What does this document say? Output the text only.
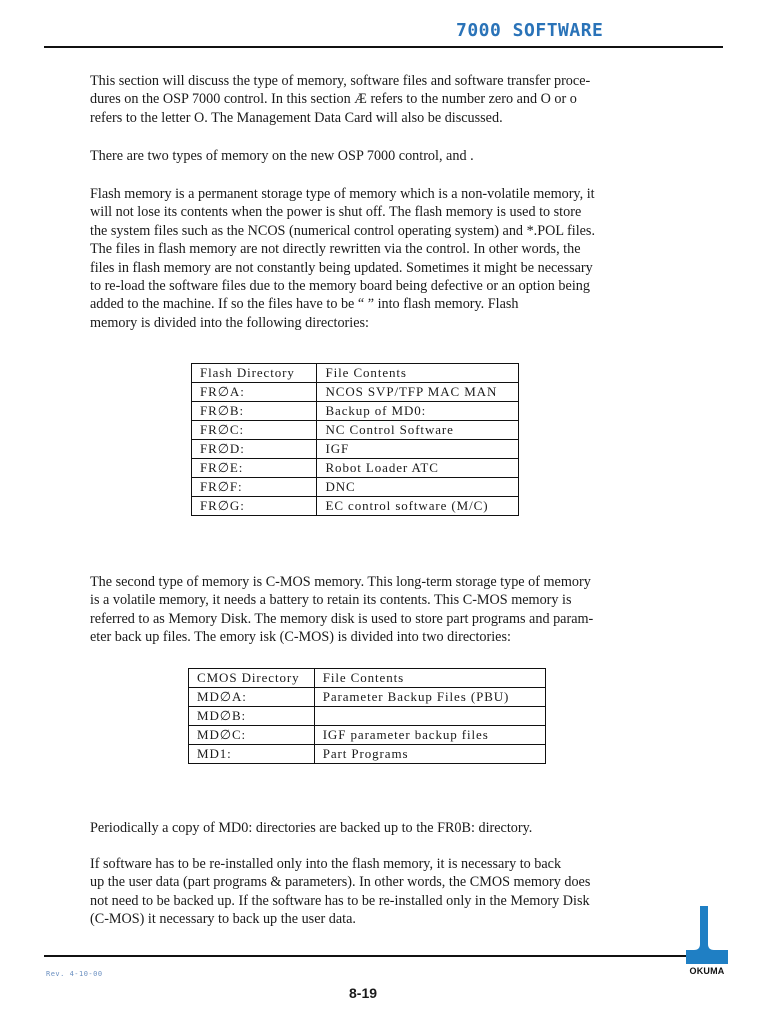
7000 SOFTWARE

This section will discuss the type of memory, software files and software transfer proce-
dures on the OSP 7000 control. In this section Æ refers to the number zero and O or o
refers to the letter O. The Management Data Card will also be discussed.

There are two types of memory on the new OSP 7000 control, and .

Flash memory is a permanent storage type of memory which is a non-volatile memory, it
will not lose its contents when the power is shut off. The flash memory is used to store
the system files such as the NCOS (numerical control operating system) and *.POL files.
The files in flash memory are not directly rewritten via the control. In other words, the
files in flash memory are not constantly being updated. Sometimes it might be necessary
to re-load the software files due to the memory board being defective or an option being
added to the machine. If so the files have to be “ ” into flash memory. Flash
memory is divided into the following directories:

Flash Directory	File Contents
FR∅A:	NCOS SVP/TFP MAC MAN
FR∅B:	Backup of MD0:
FR∅C:	NC Control Software
FR∅D:	IGF
FR∅E:	Robot Loader ATC
FR∅F:	DNC
FR∅G:	EC control software (M/C)

The second type of memory is C-MOS memory. This long-term storage type of memory
is a volatile memory, it needs a battery to retain its contents. This C-MOS memory is
referred to as Memory Disk. The memory disk is used to store part programs and param-
eter back up files. The emory isk (C-MOS) is divided into two directories:

CMOS Directory	File Contents
MD∅A:	Parameter Backup Files (PBU)
MD∅B:	
MD∅C:	IGF parameter backup files
MD1:	Part Programs

Periodically a copy of MD0: directories are backed up to the FR0B: directory.

If software has to be re-installed only into the flash memory, it is necessary to back
up the user data (part programs & parameters). In other words, the CMOS memory does
not need to be backed up. If the software has to be re-installed only in the Memory Disk
(C-MOS) it necessary to back up the user data.

Rev. 4-10-00
8-19
OKUMA
